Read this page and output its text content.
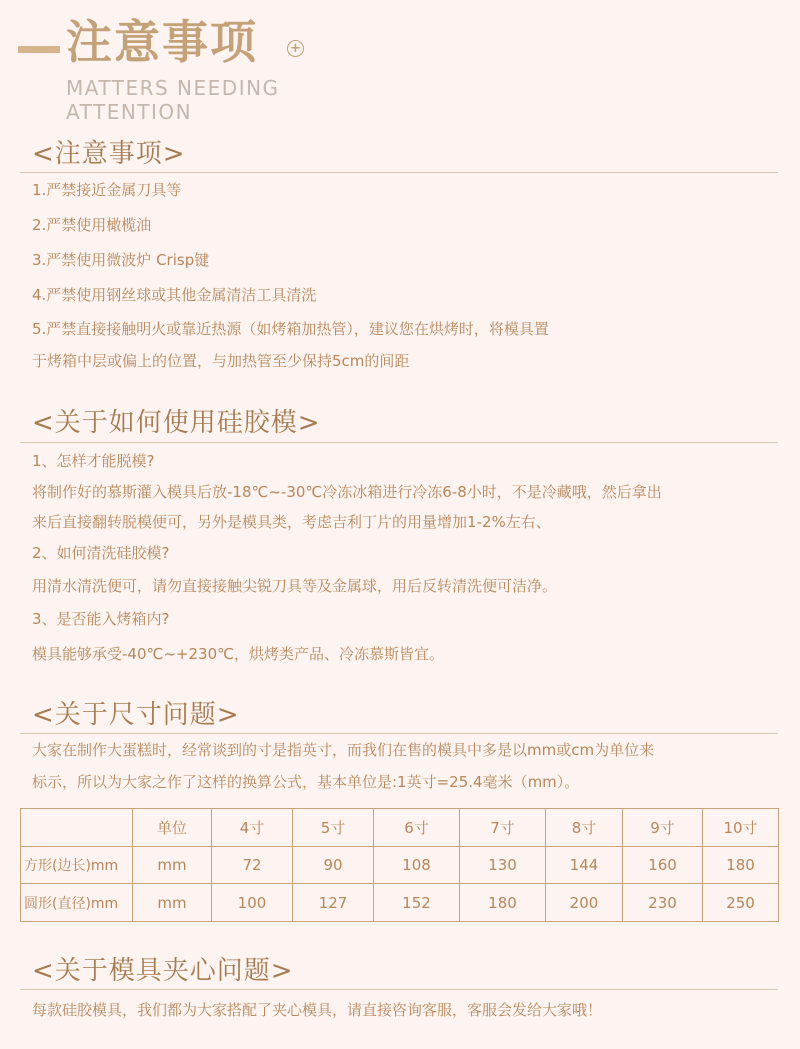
注意事项 +
MATTERS NEEDING
ATTENTION
<注意事项>
1.严禁接近金属刀具等
2.严禁使用橄榄油
3.严禁使用微波炉 Crisp键
4.严禁使用钢丝球或其他金属清洁工具清洗
5.严禁直接接触明火或靠近热源（如烤箱加热管），建议您在烘烤时，将模具置
于烤箱中层或偏上的位置，与加热管至少保持5cm的间距
<关于如何使用硅胶模>
1、怎样才能脱模?
将制作好的慕斯灌入模具后放-18℃~-30℃冷冻冰箱进行冷冻6-8小时，不是冷藏哦，然后拿出
来后直接翻转脱模便可，另外是模具类，考虑吉利丁片的用量增加1-2%左右、
2、如何清洗硅胶模?
用清水清洗便可，请勿直接接触尖锐刀具等及金属球，用后反转清洗便可洁净。
3、是否能入烤箱内?
模具能够承受-40℃~+230℃，烘烤类产品、冷冻慕斯皆宜。
<关于尺寸问题>
大家在制作大蛋糕时，经常谈到的寸是指英寸，而我们在售的模具中多是以mm或cm为单位来
标示，所以为大家之作了这样的换算公式，基本单位是:1英寸=25.4毫米（mm）。
	单位	4寸	5寸	6寸	7寸	8寸	9寸	10寸
方形(边长)mm	mm	72	90	108	130	144	160	180
圆形(直径)mm	mm	100	127	152	180	200	230	250
<关于模具夹心问题>
每款硅胶模具，我们都为大家搭配了夹心模具，请直接咨询客服，客服会发给大家哦！
